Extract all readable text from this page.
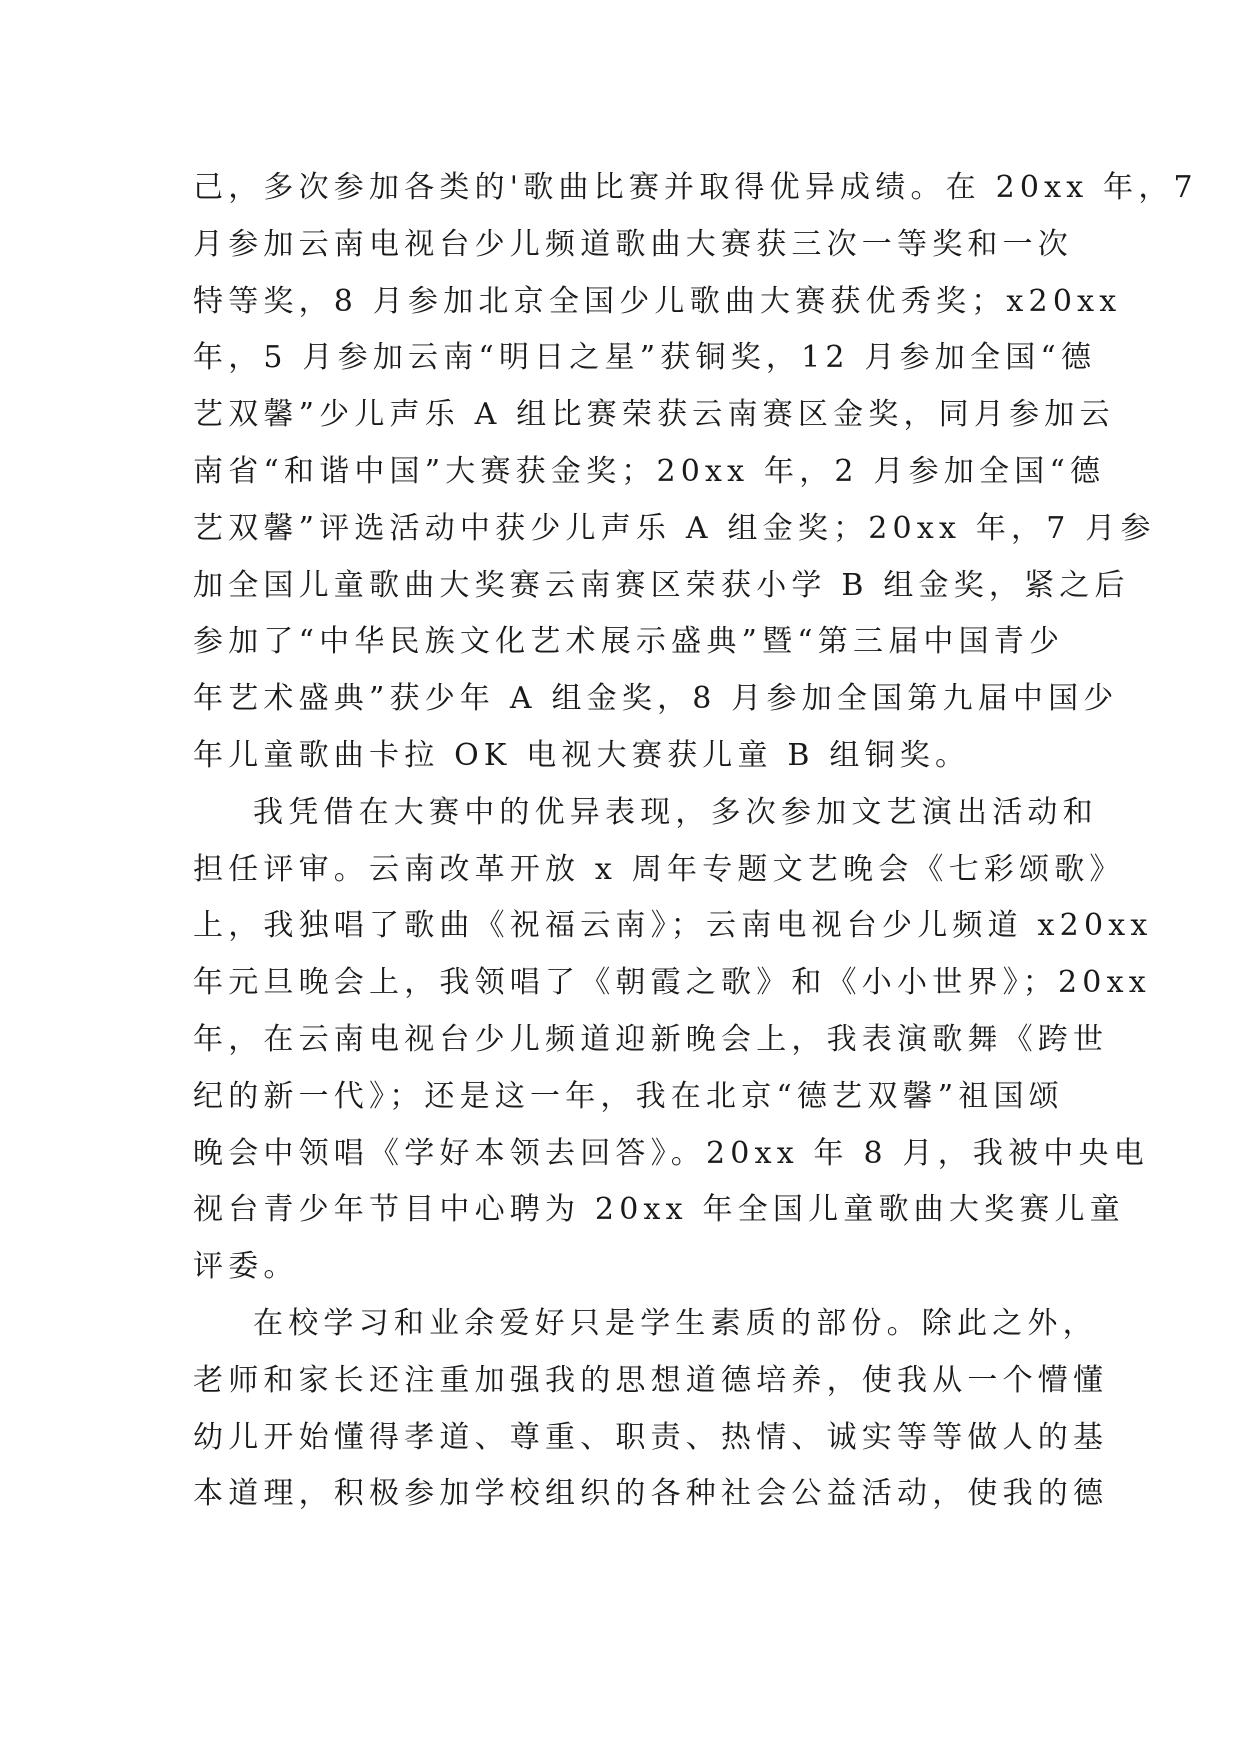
己，多次参加各类的'歌曲比赛并取得优异成绩。在 20xx 年，7
月参加云南电视台少儿频道歌曲大赛获三次一等奖和一次
特等奖，8 月参加北京全国少儿歌曲大赛获优秀奖；x20xx
年，5 月参加云南“明日之星”获铜奖，12 月参加全国“德
艺双馨”少儿声乐 A 组比赛荣获云南赛区金奖，同月参加云
南省“和谐中国”大赛获金奖；20xx 年，2 月参加全国“德
艺双馨”评选活动中获少儿声乐 A 组金奖；20xx 年，7 月参
加全国儿童歌曲大奖赛云南赛区荣获小学 B 组金奖，紧之后
参加了“中华民族文化艺术展示盛典”暨“第三届中国青少
年艺术盛典”获少年 A 组金奖，8 月参加全国第九届中国少
年儿童歌曲卡拉 OK 电视大赛获儿童 B 组铜奖。
我凭借在大赛中的优异表现，多次参加文艺演出活动和
担任评审。云南改革开放 x 周年专题文艺晚会《七彩颂歌》
上，我独唱了歌曲《祝福云南》；云南电视台少儿频道 x20xx
年元旦晚会上，我领唱了《朝霞之歌》和《小小世界》；20xx
年，在云南电视台少儿频道迎新晚会上，我表演歌舞《跨世
纪的新一代》；还是这一年，我在北京“德艺双馨”祖国颂
晚会中领唱《学好本领去回答》。20xx 年 8 月，我被中央电
视台青少年节目中心聘为 20xx 年全国儿童歌曲大奖赛儿童
评委。
在校学习和业余爱好只是学生素质的部份。除此之外，
老师和家长还注重加强我的思想道德培养，使我从一个懵懂
幼儿开始懂得孝道、尊重、职责、热情、诚实等等做人的基
本道理，积极参加学校组织的各种社会公益活动，使我的德
